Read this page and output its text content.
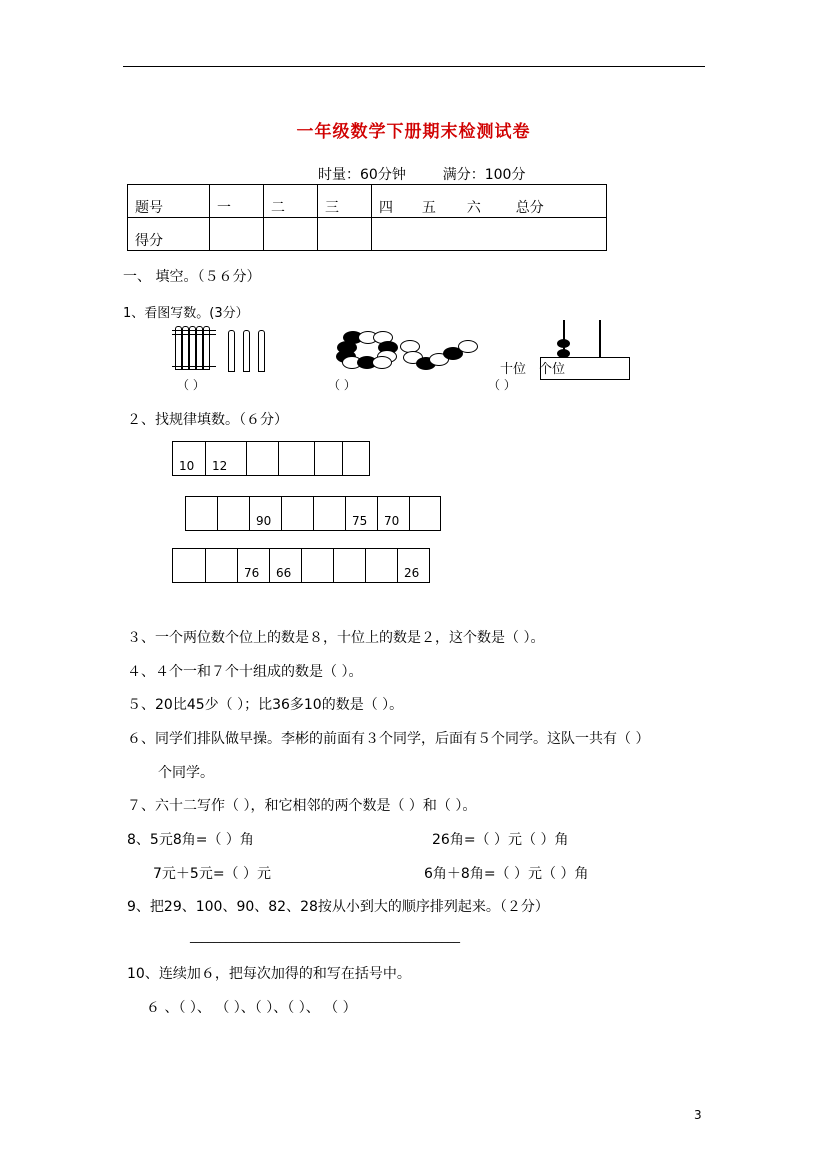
一年级数学下册期末检测试卷
时量：60分钟	满分：100分
题号	一	二	三	四 五 六 总分
得分				
一、 填空。（５６分）
1、看图写数。(3分）
（ ）	（ ）
十位 个位
（ ）
２、找规律填数。（６分）
10	12				
		90			75	70	
		76	66				26
３、一个两位数个位上的数是８，十位上的数是２，这个数是（ ）。
４、４个一和７个十组成的数是（ ）。
５、20比45少（ ）；比36多10的数是（ ）。
６、同学们排队做早操。李彬的前面有３个同学，后面有５个同学。这队一共有（ ）
个同学。
７、六十二写作（ ），和它相邻的两个数是（ ）和（ ）。
8、5元8角=（ ）角	26角=（ ）元（ ）角
7元＋5元=（ ）元	6角＋8角=（ ）元（ ）角
9、把29、100、90、82、28按从小到大的顺序排列起来。（２分）
_____________________________________________
10、连续加６，把每次加得的和写在括号中。
６ 、（ ）、 （ ）、（ ）、（ ）、 （ ）
3
